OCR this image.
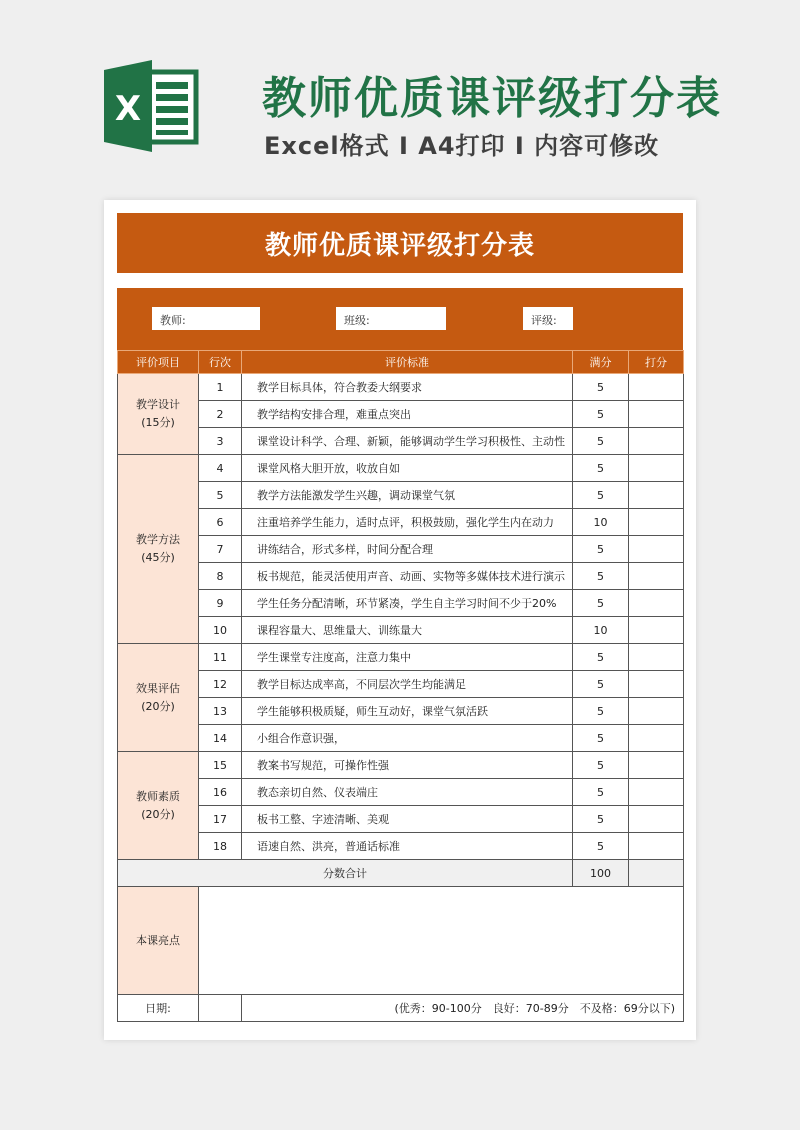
X	教师优质课评级打分表
Excel格式 I A4打印 I 内容可修改
教师优质课评级打分表
教师:	班级:	评级:
评价项目	行次	评价标准	满分	打分

教学设计
(15分)	1	教学目标具体，符合教委大纲要求	5	
	2	教学结构安排合理，难重点突出	5	
	3	课堂设计科学、合理、新颖，能够调动学生学习积极性、主动性	5	

教学方法
(45分)	4	课堂风格大胆开放，收放自如	5	
	5	教学方法能激发学生兴趣，调动课堂气氛	5	
	6	注重培养学生能力，适时点评，积极鼓励，强化学生内在动力	10	
	7	讲练结合，形式多样，时间分配合理	5	
	8	板书规范，能灵活使用声音、动画、实物等多媒体技术进行演示	5	
	9	学生任务分配清晰，环节紧凑，学生自主学习时间不少于20%	5	
	10	课程容量大、思维量大、训练量大	10	

效果评估
(20分)	11	学生课堂专注度高，注意力集中	5	
	12	教学目标达成率高，不同层次学生均能满足	5	
	13	学生能够积极质疑，师生互动好，课堂气氛活跃	5	
	14	小组合作意识强，	5	

教师素质
(20分)	15	教案书写规范，可操作性强	5	
	16	教态亲切自然、仪表端庄	5	
	17	板书工整、字迹清晰、美观	5	
	18	语速自然、洪亮，普通话标准	5	
分数合计			100	
本课亮点				
日期:		(优秀：90-100分　良好：70-89分　不及格：69分以下)		
